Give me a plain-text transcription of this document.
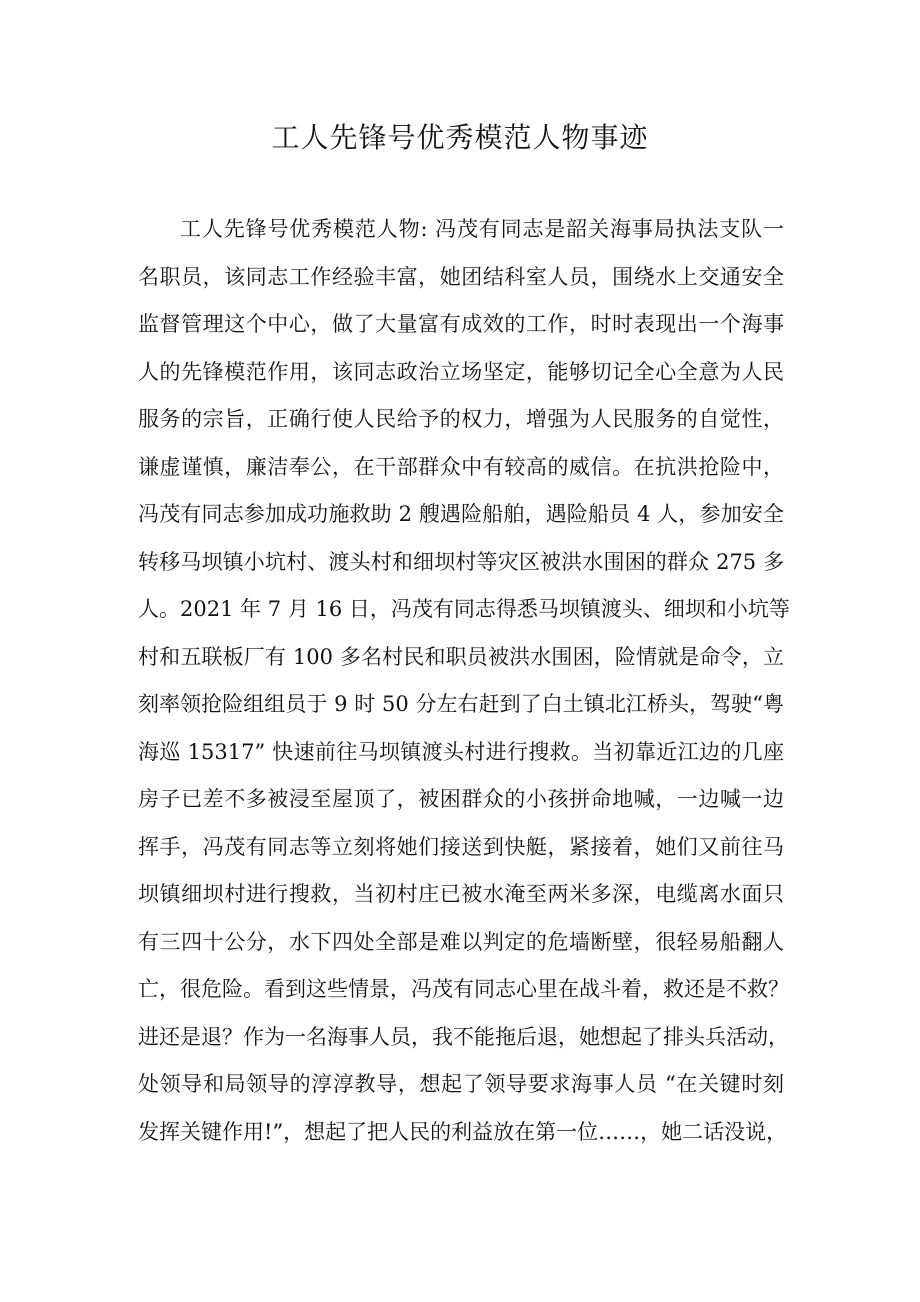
工人先锋号优秀模范人物事迹
工人先锋号优秀模范人物: 冯茂有同志是韶关海事局执法支队一
名职员，该同志工作经验丰富，她团结科室人员，围绕水上交通安全
监督管理这个中心，做了大量富有成效的工作，时时表现出一个海事
人的先锋模范作用，该同志政治立场坚定，能够切记全心全意为人民
服务的宗旨，正确行使人民给予的权力，增强为人民服务的自觉性，
谦虚谨慎，廉洁奉公，在干部群众中有较高的威信。在抗洪抢险中，
冯茂有同志参加成功施救助 2 艘遇险船舶，遇险船员 4 人，参加安全
转移马坝镇小坑村、渡头村和细坝村等灾区被洪水围困的群众 275 多
人。2021 年 7 月 16 日，冯茂有同志得悉马坝镇渡头、细坝和小坑等
村和五联板厂有 100 多名村民和职员被洪水围困，险情就是命令，立
刻率领抢险组组员于 9 时 50 分左右赶到了白土镇北江桥头，驾驶“粤
海巡 15317” 快速前往马坝镇渡头村进行搜救。当初靠近江边的几座
房子已差不多被浸至屋顶了，被困群众的小孩拼命地喊，一边喊一边
挥手，冯茂有同志等立刻将她们接送到快艇，紧接着，她们又前往马
坝镇细坝村进行搜救，当初村庄已被水淹至两米多深，电缆离水面只
有三四十公分，水下四处全部是难以判定的危墙断壁，很轻易船翻人
亡，很危险。看到这些情景，冯茂有同志心里在战斗着，救还是不救？
进还是退？作为一名海事人员，我不能拖后退，她想起了排头兵活动，
处领导和局领导的淳淳教导，想起了领导要求海事人员 “在关键时刻
发挥关键作用!”，想起了把人民的利益放在第一位……，她二话没说，
